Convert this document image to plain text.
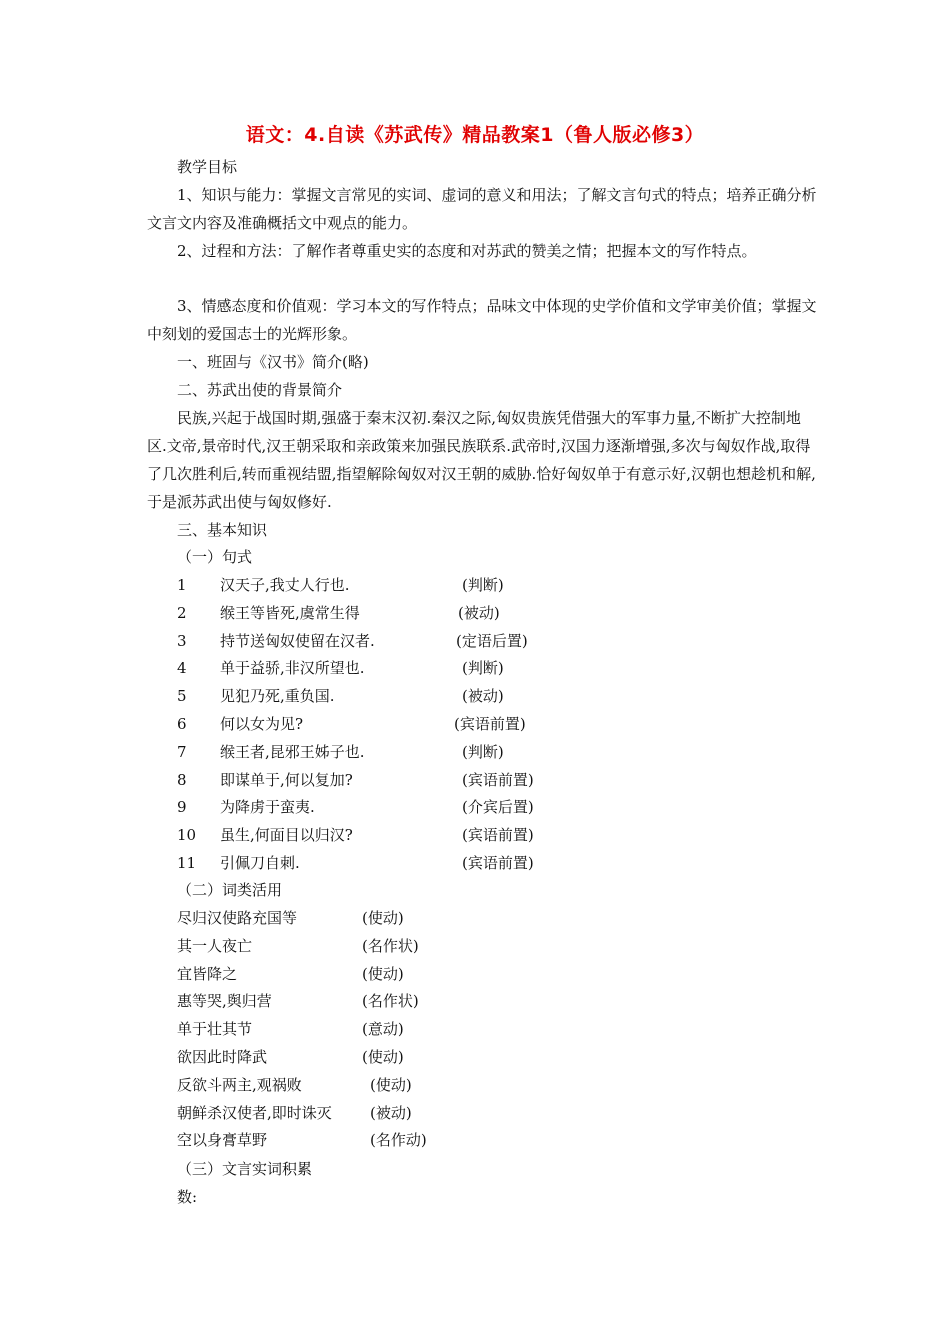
语文：4.自读《苏武传》精品教案1（鲁人版必修3）
教学目标

1、知识与能力：掌握文言常见的实词、虚词的意义和用法；了解文言句式的特点；培养正确分析文言文内容及准确概括文中观点的能力。

2、过程和方法：了解作者尊重史实的态度和对苏武的赞美之情；把握本文的写作特点。

3、情感态度和价值观：学习本文的写作特点；品味文中体现的史学价值和文学审美价值；掌握文中刻划的爱国志士的光辉形象。

一、班固与《汉书》简介(略)
二、苏武出使的背景简介

民族,兴起于战国时期,强盛于秦末汉初.秦汉之际,匈奴贵族凭借强大的军事力量,不断扩大控制地区.文帝,景帝时代,汉王朝采取和亲政策来加强民族联系.武帝时,汉国力逐渐增强,多次与匈奴作战,取得了几次胜利后,转而重视结盟,指望解除匈奴对汉王朝的威胁.恰好匈奴单于有意示好,汉朝也想趁机和解,于是派苏武出使与匈奴修好.

三、基本知识
（一）句式
1 汉天子,我丈人行也.	(判断)
2 缑王等皆死,虞常生得	(被动)
3 持节送匈奴使留在汉者.	(定语后置)
4 单于益骄,非汉所望也.	(判断)
5 见犯乃死,重负国.	(被动)
6 何以女为见?	(宾语前置)
7 缑王者,昆邪王姊子也.	(判断)
8 即谋单于,何以复加?	(宾语前置)
9 为降虏于蛮夷.	(介宾后置)
10 虽生,何面目以归汉?	(宾语前置)
11 引佩刀自刺.	(宾语前置)
（二）词类活用
尽归汉使路充国等	(使动)
其一人夜亡	(名作状)
宜皆降之	(使动)
惠等哭,舆归营	(名作状)
单于壮其节	(意动)
欲因此时降武	(使动)
反欲斗两主,观祸败	(使动)
朝鲜杀汉使者,即时诛灭	(被动)
空以身膏草野	(名作动)
（三）文言实词积累
数:
